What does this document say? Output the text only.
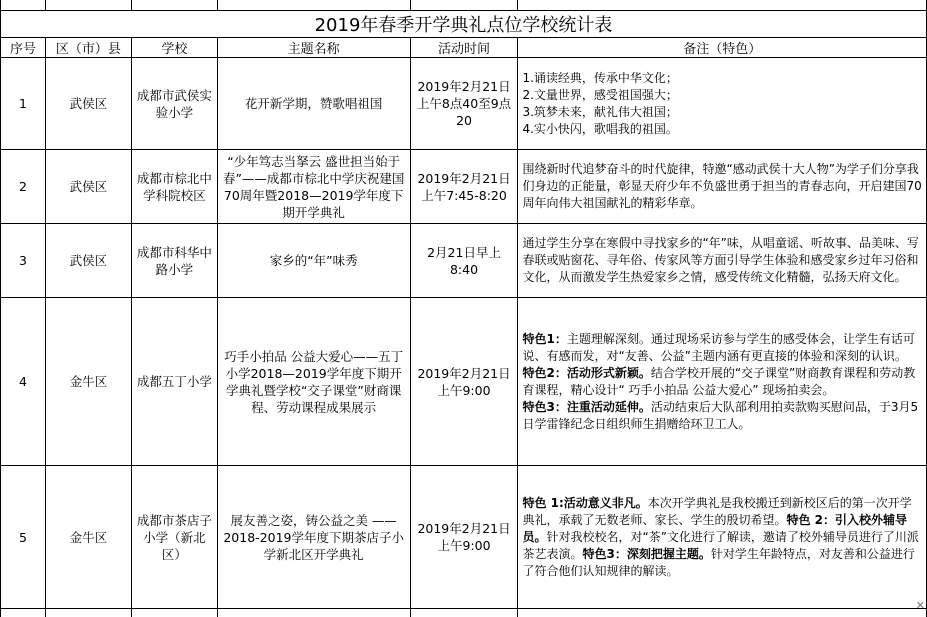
2019年春季开学典礼点位学校统计表					
序号	区（市）县	学校	主题名称	活动时间	备注（特色）
1	武侯区	成都市武侯实验小学	花开新学期，赞歌唱祖国	2019年2月21日上午8点40至9点20	1.诵读经典，传承中华文化；
2.文量世界，感受祖国强大；
3.筑梦未来，献礼伟大祖国；
4.实小快闪，歌唱我的祖国。

2	武侯区	成都市棕北中学科院校区	“少年笃志当拏云 盛世担当始于春”——成都市棕北中学庆祝建国70周年暨2018—2019学年度下期开学典礼	2019年2月21日上午7:45-8:20	围绕新时代追梦奋斗的时代旋律，特邀“感动武侯十大人物”为学子们分享我们身边的正能量，彰显天府少年不负盛世勇于担当的青春志向，开启建国70周年向伟大祖国献礼的精彩华章。
3	武侯区	成都市科华中路小学	家乡的“年”味秀	2月21日早上8:40	通过学生分享在寒假中寻找家乡的“年”味，从唱童谣、听故事、品美味、写春联或贴窗花、寻年俗、传家风等方面引导学生体验和感受家乡过年习俗和文化，从而激发学生热爱家乡之情，感受传统文化精髓，弘扬天府文化。
4	金牛区	成都五丁小学	巧手小拍品 公益大爱心——五丁小学2018—2019学年度下期开学典礼暨学校“交子课堂”财商课程、劳动课程成果展示	2019年2月21日上午9:00	特色1：主题理解深刻。通过现场采访参与学生的感受体会，让学生有话可说、有感而发，对“友善、公益”主题内涵有更直接的体验和深刻的认识。
特色2：活动形式新颖。结合学校开展的“交子课堂”财商教育课程和劳动教育课程，精心设计“ 巧手小拍品 公益大爱心” 现场拍卖会。
特色3：注重活动延伸。活动结束后大队部利用拍卖款购买慰问品，于3月5日学雷锋纪念日组织师生捐赠给环卫工人。

5	金牛区	成都市茶店子小学（新北区）	展友善之姿，铸公益之美 ——2018-2019学年度下期茶店子小学新北区开学典礼	2019年2月21日上午9:00	特色 1:活动意义非凡。本次开学典礼是我校搬迁到新校区后的第一次开学典礼，承载了无数老师、家长、学生的殷切希望。特色 2：引入校外辅导员。针对我校校名，对“茶”文化进行了解读，邀请了校外辅导员进行了川派茶艺表演。特色3：深刻把握主题。针对学生年龄特点，对友善和公益进行了符合他们认知规律的解读。

✕
